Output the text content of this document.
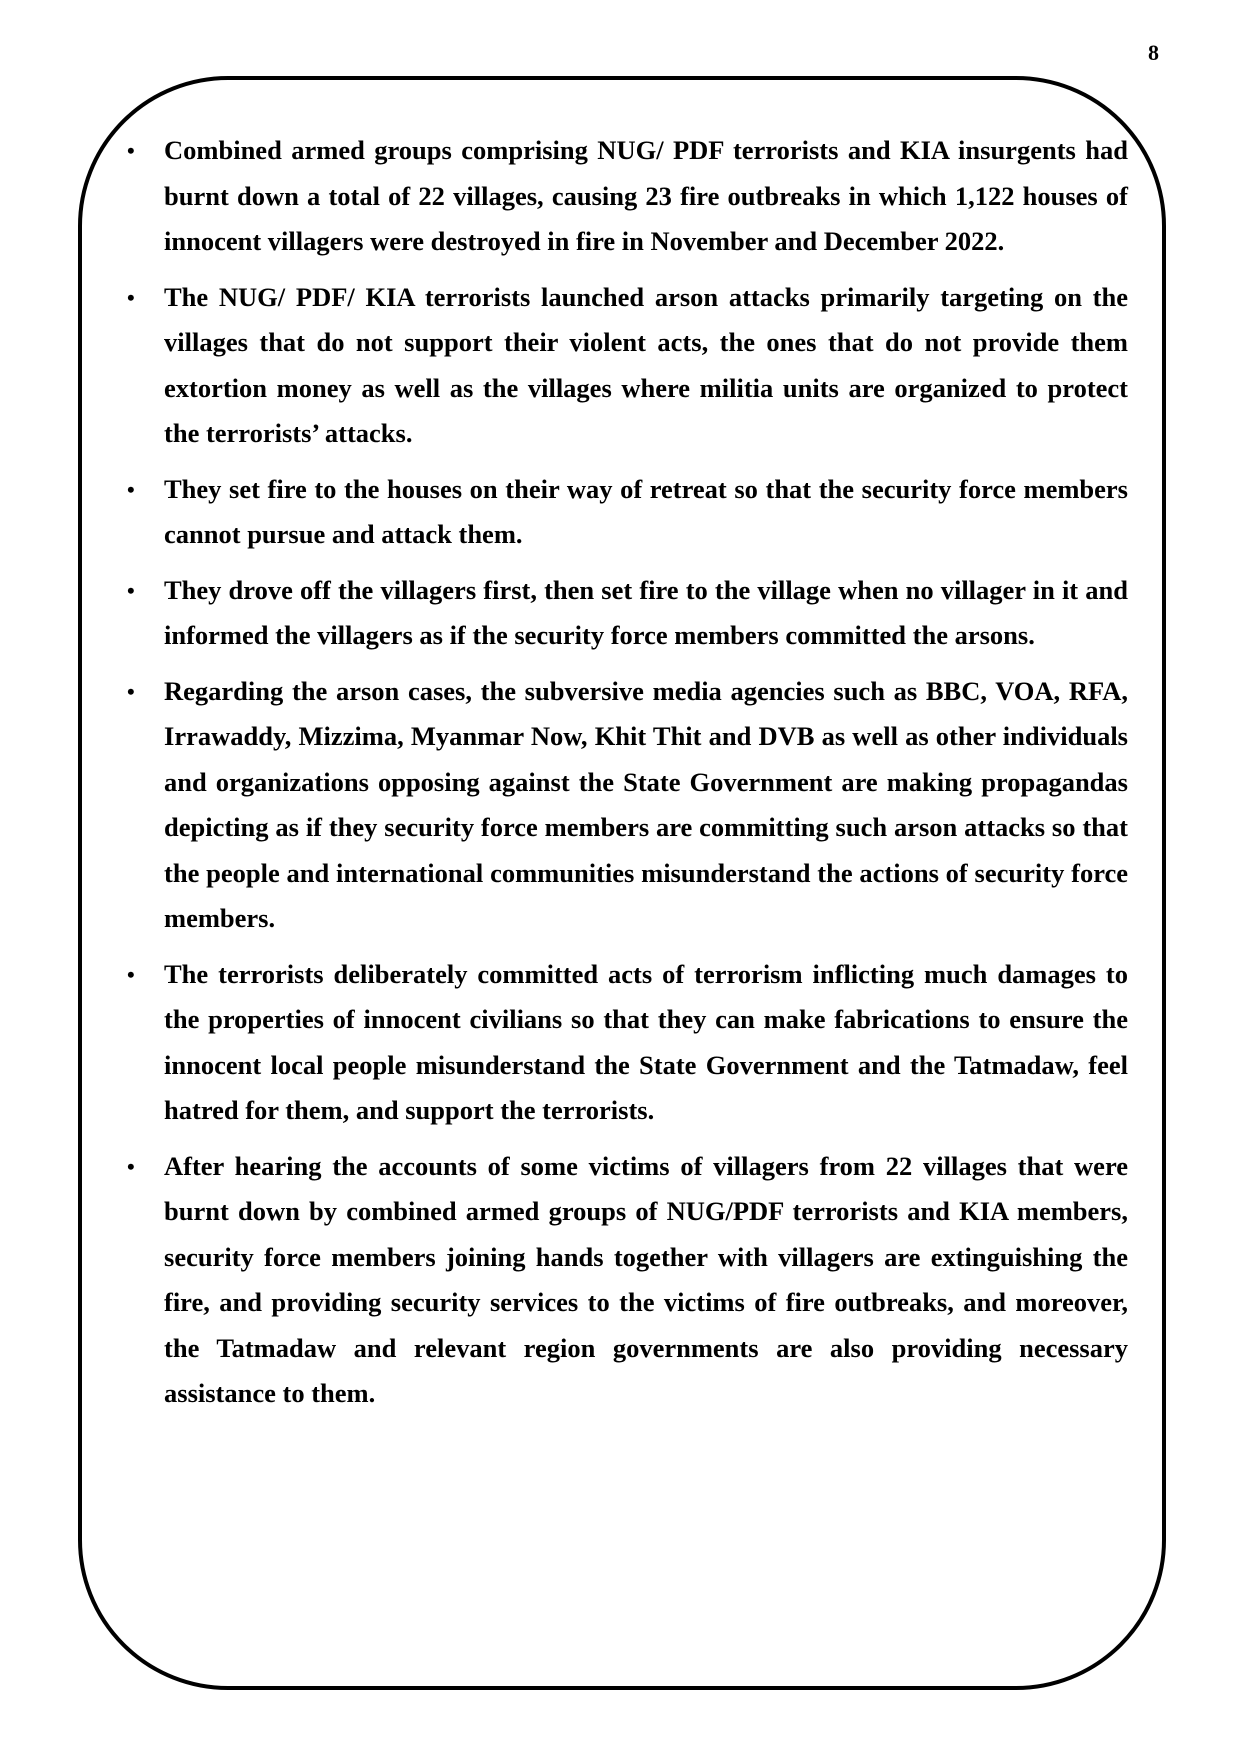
8
• Combined armed groups comprising NUG/ PDF terrorists and KIA insurgents had burnt down a total of 22 villages, causing 23 fire outbreaks in which 1,122 houses of innocent villagers were destroyed in fire in November and December 2022.
• The NUG/ PDF/ KIA terrorists launched arson attacks primarily targeting on the villages that do not support their violent acts, the ones that do not provide them extortion money as well as the villages where militia units are organized to protect the terrorists’ attacks.
• They set fire to the houses on their way of retreat so that the security force members cannot pursue and attack them.
• They drove off the villagers first, then set fire to the village when no villager in it and informed the villagers as if the security force members committed the arsons.
• Regarding the arson cases, the subversive media agencies such as BBC, VOA, RFA, Irrawaddy, Mizzima, Myanmar Now, Khit Thit and DVB as well as other individuals and organizations opposing against the State Government are making propagandas depicting as if they security force members are committing such arson attacks so that the people and international communities misunderstand the actions of security force members.
• The terrorists deliberately committed acts of terrorism inflicting much damages to the properties of innocent civilians so that they can make fabrications to ensure the innocent local people misunderstand the State Government and the Tatmadaw, feel hatred for them, and support the terrorists.
• After hearing the accounts of some victims of villagers from 22 villages that were burnt down by combined armed groups of NUG/PDF terrorists and KIA members, security force members joining hands together with villagers are extinguishing the fire, and providing security services to the victims of fire outbreaks, and moreover, the Tatmadaw and relevant region governments are also providing necessary assistance to them.
